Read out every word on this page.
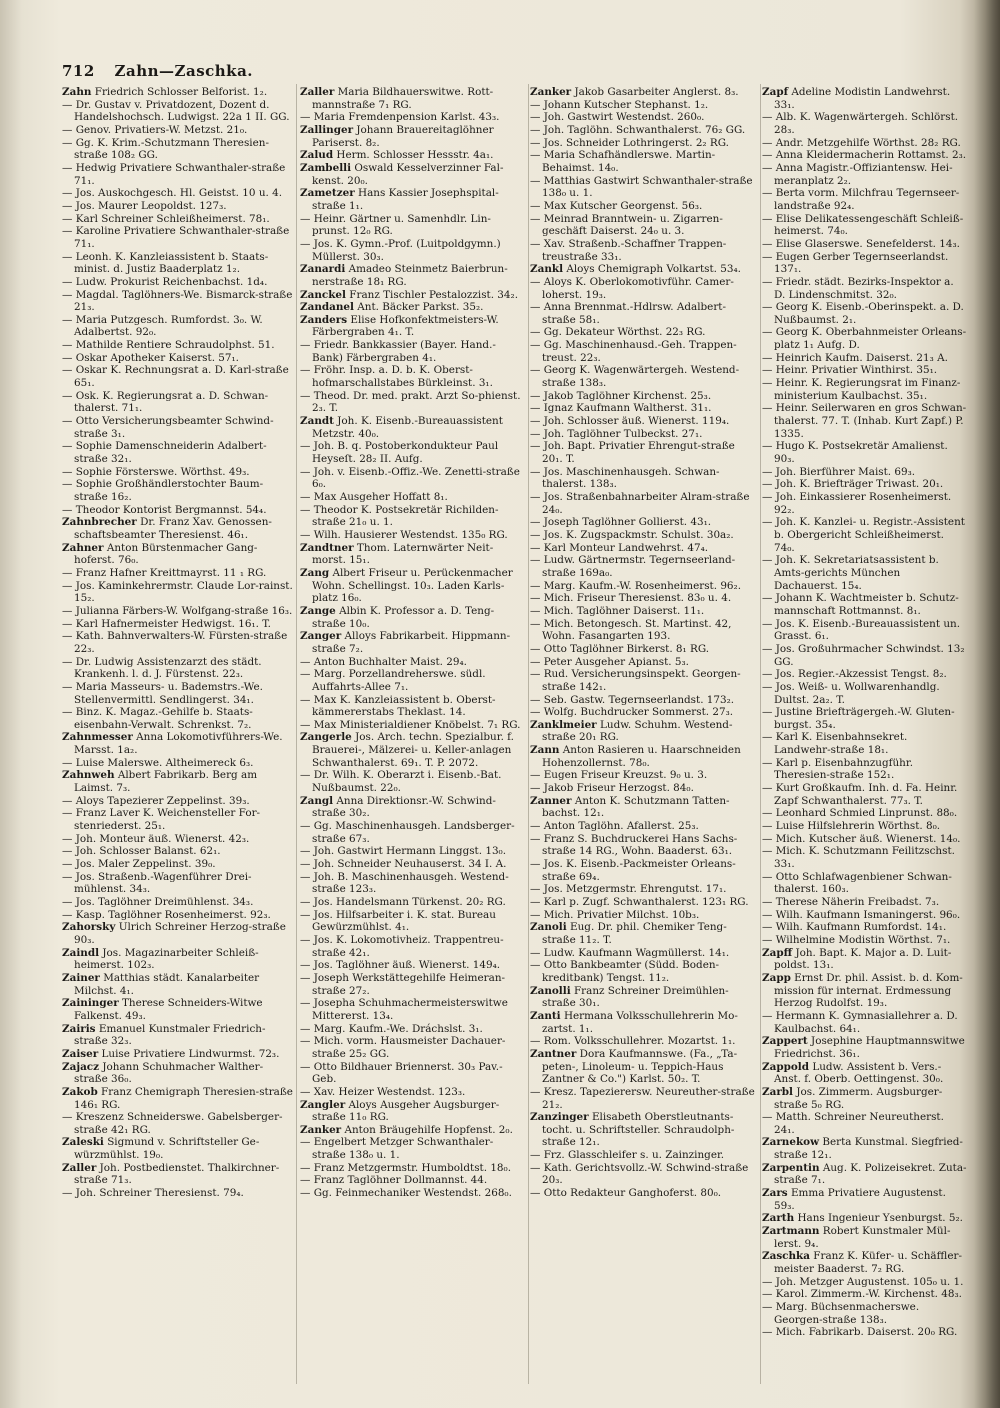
712 Zahn—Zaschka.
Zahn Friedrich Schlosser Belforist. 1₂.
— Dr. Gustav v. Privatdozent, Dozent d. Handelshochsch. Ludwigst. 22a 1 II. GG.
— Genov. Privatiers-W. Metzst. 21₀.
— Gg. K. Krim.-Schutzmann Theresien-straße 108₂ GG.
— Hedwig Privatiere Schwanthaler-straße 71₁.
— Jos. Auskochgesch. Hl. Geistst. 10 u. 4.
— Jos. Maurer Leopoldst. 127₃.
— Karl Schreiner Schleißheimerst. 78₁.
— Karoline Privatiere Schwanthaler-straße 71₁.
— Leonh. K. Kanzleiassistent b. Staats-minist. d. Justiz Baaderplatz 1₂.
— Ludw. Prokurist Reichenbachst. 1d₄.
— Magdal. Taglöhners-We. Bismarck-straße 21₃.
— Maria Putzgesch. Rumfordst. 3₀. W. Adalbertst. 92₀.
— Mathilde Rentiere Schraudolphst. 51.
— Oskar Apotheker Kaiserst. 57₁.
— Oskar K. Rechnungsrat a. D. Karl-straße 65₁.
— Osk. K. Regierungsrat a. D. Schwan-thalerst. 71₁.
— Otto Versicherungsbeamter Schwind-straße 3₁.
— Sophie Damenschneiderin Adalbert-straße 32₁.
— Sophie Försterswe. Wörthst. 49₃.
— Sophie Großhändlerstochter Baum-straße 16₂.
— Theodor Kontorist Bergmannst. 54₄.
Zahnbrecher Dr. Franz Xav. Genossen-schaftsbeamter Theresienst. 46₁.
Zahner Anton Bürstenmacher Gang-hoferst. 76₀.
— Franz Hafner Kreittmayrst. 11 ₁ RG.
— Jos. Kaminkehrermstr. Claude Lor-rainst. 15₂.
— Julianna Färbers-W. Wolfgang-straße 16₃.
— Karl Hafnermeister Hedwigst. 16₁. T.
— Kath. Bahnverwalters-W. Fürsten-straße 22₃.
— Dr. Ludwig Assistenzarzt des städt. Krankenh. l. d. J. Fürstenst. 22₃.
— Maria Masseurs- u. Bademstrs.-We. Stellenvermittl. Sendlingerst. 34₁.
— Binz. K. Magaz.-Gehilfe b. Staats-eisenbahn-Verwalt. Schrenkst. 7₂.
Zahnmesser Anna Lokomotivführers-We. Marsst. 1a₂.
— Luise Malerswe. Altheimereck 6₃.
Zahnweh Albert Fabrikarb. Berg am Laimst. 7₃.
— Aloys Tapezierer Zeppelinst. 39₃.
— Franz Laver K. Weichensteller For-stenriederst. 25₁.
— Joh. Monteur äuß. Wienerst. 42₃.
— Joh. Schlosser Balanst. 62₁.
— Jos. Maler Zeppelinst. 39₀.
— Jos. Straßenb.-Wagenführer Drei-mühlenst. 34₃.
— Jos. Taglöhner Dreimühlenst. 34₃.
— Kasp. Taglöhner Rosenheimerst. 92₃.
Zahorsky Ulrich Schreiner Herzog-straße 90₃.
Zaindl Jos. Magazinarbeiter Schleiß-heimerst. 102₃.
Zainer Matthias städt. Kanalarbeiter Milchst. 4₁.
Zaininger Therese Schneiders-Witwe Falkenst. 49₃.
Zairis Emanuel Kunstmaler Friedrich-straße 32₃.
Zaiser Luise Privatiere Lindwurmst. 72₃.
Zajacz Johann Schuhmacher Walther-straße 36₀.
Zakob Franz Chemigraph Theresien-straße 146₁ RG.
— Kreszenz Schneiderswe. Gabelsberger-straße 42₁ RG.
Zaleski Sigmund v. Schriftsteller Ge-würzmühlst. 19₀.
Zaller Joh. Postbedienstet. Thalkirchner-straße 71₃.
— Joh. Schreiner Theresienst. 79₄.
Zaller Maria Bildhauerswitwe. Rott-mannstraße 7₁ RG.
— Maria Fremdenpension Karlst. 43₃.
Zallinger Johann Brauereitaglöhner Pariserst. 8₂.
Zalud Herm. Schlosser Hessstr. 4a₁.
Zambelli Oswald Kesselverzinner Fal-kenst. 20₀.
Zametzer Hans Kassier Josephspital-straße 1₁.
— Heinr. Gärtner u. Samenhdlr. Lin-prunst. 12₀ RG.
— Jos. K. Gymn.-Prof. (Luitpoldgymn.) Müllerst. 30₃.
Zanardi Amadeo Steinmetz Baierbrun-nerstraße 18₁ RG.
Zanckel Franz Tischler Pestalozzist. 34₂.
Zandanel Ant. Bäcker Parkst. 35₂.
Zanders Elise Hofkonfektmeisters-W. Färbergraben 4₁. T.
— Friedr. Bankkassier (Bayer. Hand.-Bank) Färbergraben 4₁.
— Fröhr. Insp. a. D. b. K. Oberst-hofmarschallstabes Bürkleinst. 3₁.
— Theod. Dr. med. prakt. Arzt So-phienst. 2₃. T.
Zandt Joh. K. Eisenb.-Bureauassistent Metzstr. 40₀.
— Joh. B. q. Postoberkondukteur Paul Heyseſt. 28₂ II. Aufg.
— Joh. v. Eisenb.-Offiz.-We. Zenetti-straße 6₀.
— Max Ausgeher Hoffatt 8₁.
— Theodor K. Postsekretär Richilden-straße 21₀ u. 1.
— Wilh. Hausierer Westendst. 135₀ RG.
Zandtner Thom. Laternwärter Neit-morst. 15₁.
Zang Albert Friseur u. Perückenmacher Wohn. Schellingst. 10₃. Laden Karls-platz 16₀.
Zange Albin K. Professor a. D. Teng-straße 10₀.
Zanger Alloys Fabrikarbeit. Hippmann-straße 7₂.
— Anton Buchhalter Maist. 29₄.
— Marg. Porzellandreherswe. südl. Auffahrts-Allee 7₁.
— Max K. Kanzleiassistent b. Oberst-kämmererstabs Theklast. 14.
— Max Ministerialdiener Knöbelst. 7₁ RG.
Zangerle Jos. Arch. techn. Spezialbur. f. Brauerei-, Mälzerei- u. Keller-anlagen Schwanthalerst. 69₁. T. P. 2072.
— Dr. Wilh. K. Oberarzt i. Eisenb.-Bat. Nußbaumst. 22₀.
Zangl Anna Direktionsr.-W. Schwind-straße 30₂.
— Gg. Maschinenhausgeh. Landsberger-straße 67₃.
— Joh. Gastwirt Hermann Linggst. 13₀.
— Joh. Schneider Neuhauserst. 34 I. A.
— Joh. B. Maschinenhausgeh. Westend-straße 123₃.
— Jos. Handelsmann Türkenst. 20₂ RG.
— Jos. Hilfsarbeiter i. K. stat. Bureau Gewürzmühlst. 4₁.
— Jos. K. Lokomotivheiz. Trappentreu-straße 42₁.
— Jos. Taglöhner äuß. Wienerst. 149₄.
— Joseph Werkstättegehilfe Heimeran-straße 27₂.
— Josepha Schuhmachermeisterswitwe Mittererst. 13₄.
— Marg. Kaufm.-We. Dráchslst. 3₁.
— Mich. vorm. Hausmeister Dachauer-straße 25₂ GG.
— Otto Bildhauer Briennerst. 30₃ Pav.-Geb.
— Xav. Heizer Westendst. 123₃.
Zangler Aloys Ausgeher Augsburger-straße 11₀ RG.
Zanker Anton Bräugehilfe Hopfenst. 2₀.
— Engelbert Metzger Schwanthaler-straße 138₀ u. 1.
— Franz Metzgermstr. Humboldtst. 18₀.
— Franz Taglöhner Dollmannst. 44.
— Gg. Feinmechaniker Westendst. 268₀.
Zanker Jakob Gasarbeiter Anglerst. 8₃.
— Johann Kutscher Stephanst. 1₂.
— Joh. Gastwirt Westendst. 260₀.
— Joh. Taglöhn. Schwanthalerst. 76₂ GG.
— Jos. Schneider Lothringerst. 2₂ RG.
— Maria Schafhändlerswe. Martin-Behaimst. 14₀.
— Matthias Gastwirt Schwanthaler-straße 138₀ u. 1.
— Max Kutscher Georgenst. 56₃.
— Meinrad Branntwein- u. Zigarren-geschäft Daiserst. 24₀ u. 3.
— Xav. Straßenb.-Schaffner Trappen-treustraße 33₁.
Zankl Aloys Chemigraph Volkartst. 53₄.
— Aloys K. Oberlokomotivführ. Camer-loherst. 19₃.
— Anna Brennmat.-Hdlrsw. Adalbert-straße 58₁.
— Gg. Dekateur Wörthst. 22₃ RG.
— Gg. Maschinenhausd.-Geh. Trappen-treust. 22₃.
— Georg K. Wagenwärtergeh. Westend-straße 138₃.
— Jakob Taglöhner Kirchenst. 25₃.
— Ignaz Kaufmann Waltherst. 31₁.
— Joh. Schlosser äuß. Wienerst. 119₄.
— Joh. Taglöhner Tulbeckst. 27₁.
— Joh. Bapt. Privatier Ehrengut-straße 20₁. T.
— Jos. Maschinenhausgeh. Schwan-thalerst. 138₃.
— Jos. Straßenbahnarbeiter Alram-straße 24₀.
— Joseph Taglöhner Gollierst. 43₁.
— Jos. K. Zugspackmstr. Schulst. 30a₂.
— Karl Monteur Landwehrst. 47₄.
— Ludw. Gärtnermstr. Tegernseerland-straße 169a₀.
— Marg. Kaufm.-W. Rosenheimerst. 96₂.
— Mich. Friseur Theresienst. 83₀ u. 4.
— Mich. Taglöhner Daiserst. 11₁.
— Mich. Betongesch. St. Martinst. 42, Wohn. Fasangarten 193.
— Otto Taglöhner Birkerst. 8₁ RG.
— Peter Ausgeher Apianst. 5₃.
— Rud. Versicherungsinspekt. Georgen-straße 142₁.
— Seb. Gastw. Tegernseerlandst. 173₂.
— Wolfg. Buchdrucker Sommerst. 27₃.
Zanklmeier Ludw. Schuhm. Westend-straße 20₁ RG.
Zann Anton Rasieren u. Haarschneiden Hohenzollernst. 78₀.
— Eugen Friseur Kreuzst. 9₀ u. 3.
— Jakob Friseur Herzogst. 84₀.
Zanner Anton K. Schutzmann Tatten-bachst. 12₁.
— Anton Taglöhn. Afallerst. 25₃.
— Franz S. Buchdruckerei Hans Sachs-straße 14 RG., Wohn. Baaderst. 63₁.
— Jos. K. Eisenb.-Packmeister Orleans-straße 69₄.
— Jos. Metzgermstr. Ehrengutst. 17₁.
— Karl p. Zugf. Schwanthalerst. 123₁ RG.
— Mich. Privatier Milchst. 10b₃.
Zanoli Eug. Dr. phil. Chemiker Teng-straße 11₂. T.
— Ludw. Kaufmann Wagmüllerst. 14₁.
— Otto Bankbeamter (Südd. Boden-kreditbank) Tengst. 11₂.
Zanolli Franz Schreiner Dreimühlen-straße 30₁.
Zanti Hermana Volksschullehrerin Mo-zartst. 1₁.
— Rom. Volksschullehrer. Mozartst. 1₁.
Zantner Dora Kaufmannswe. (Fa., „Ta-peten-, Linoleum- u. Teppich-Haus Zantner & Co.") Karlst. 50₂. T.
— Kresz. Tapezierersw. Neureuther-straße 21₂.
Zanzinger Elisabeth Oberstleutnants-tocht. u. Schriftsteller. Schraudolph-straße 12₁.
— Frz. Glasschleifer s. u. Zainzinger.
— Kath. Gerichtsvollz.-W. Schwind-straße 20₃.
— Otto Redakteur Ganghoferst. 80₀.
Zapf Adeline Modistin Landwehrst. 33₁.
— Alb. K. Wagenwärtergeh. Schlörst. 28₃.
— Andr. Metzgehilfe Wörthst. 28₂ RG.
— Anna Kleidermacherin Rottamst. 2₃.
— Anna Magistr.-Offiziantensw. Hei-meranplatz 2₂.
— Berta vorm. Milchfrau Tegernseer-landstraße 92₄.
— Elise Delikatessengeschäft Schleiß-heimerst. 74₀.
— Elise Glaserswe. Senefelderst. 14₃.
— Eugen Gerber Tegernseerlandst. 137₁.
— Friedr. städt. Bezirks-Inspektor a. D. Lindenschmitst. 32₀.
— Georg K. Eisenb.-Oberinspekt. a. D. Nußbaumst. 2₁.
— Georg K. Oberbahnmeister Orleans-platz 1₁ Aufg. D.
— Heinrich Kaufm. Daiserst. 21₃ A.
— Heinr. Privatier Winthirst. 35₁.
— Heinr. K. Regierungsrat im Finanz-ministerium Kaulbachst. 35₁.
— Heinr. Seilerwaren en gros Schwan-thalerst. 77. T. (Inhab. Kurt Zapf.) P. 1335.
— Hugo K. Postsekretär Amalienst. 90₃.
— Joh. Bierführer Maist. 69₃.
— Joh. K. Briefträger Triwast. 20₁.
— Joh. Einkassierer Rosenheimerst. 92₂.
— Joh. K. Kanzlei- u. Registr.-Assistent b. Obergericht Schleißheimerst. 74₀.
— Joh. K. Sekretariatsassistent b. Amts-gerichts München Dachauerst. 15₄.
— Johann K. Wachtmeister b. Schutz-mannschaft Rottmannst. 8₁.
— Jos. K. Eisenb.-Bureauassistent un. Grasst. 6₁.
— Jos. Großuhrmacher Schwindst. 13₂ GG.
— Jos. Regier.-Akzessist Tengst. 8₂.
— Jos. Weiß- u. Wollwarenhandlg. Dultst. 2a₂. T.
— Justine Briefträgergeh.-W. Gluten-burgst. 35₄.
— Karl K. Eisenbahnsekret. Landwehr-straße 18₁.
— Karl p. Eisenbahnzugführ. Theresien-straße 152₁.
— Kurt Großkaufm. Inh. d. Fa. Heinr. Zapf Schwanthalerst. 77₃. T.
— Leonhard Schmied Linprunst. 88₀.
— Luise Hilfslehrerin Wörthst. 8₀.
— Mich. Kutscher äuß. Wienerst. 14₀.
— Mich. K. Schutzmann Feilitzschst. 33₁.
— Otto Schlafwagenbiener Schwan-thalerst. 160₃.
— Therese Näherin Freibadst. 7₃.
— Wilh. Kaufmann Ismaningerst. 96₀.
— Wilh. Kaufmann Rumfordst. 14₁.
— Wilhelmine Modistin Wörthst. 7₁.
Zapff Joh. Bapt. K. Major a. D. Luit-poldst. 13₁.
Zapp Ernst Dr. phil. Assist. b. d. Kom-mission für internat. Erdmessung Herzog Rudolfst. 19₃.
— Hermann K. Gymnasiallehrer a. D. Kaulbachst. 64₁.
Zappert Josephine Hauptmannswitwe Friedrichst. 36₁.
Zappold Ludw. Assistent b. Vers.-Anst. f. Oberb. Oettingenst. 30₀.
Zarbl Jos. Zimmerm. Augsburger-straße 5₀ RG.
— Matth. Schreiner Neureutherst. 24₁.
Zarnekow Berta Kunstmal. Siegfried-straße 12₁.
Zarpentin Aug. K. Polizeisekret. Zuta-straße 7₁.
Zars Emma Privatiere Augustenst. 59₃.
Zarth Hans Ingenieur Ysenburgst. 5₂.
Zartmann Robert Kunstmaler Mül-lerst. 9₄.
Zaschka Franz K. Küfer- u. Schäffler-meister Baaderst. 7₂ RG.
— Joh. Metzger Augustenst. 105₀ u. 1.
— Karol. Zimmerm.-W. Kirchenst. 48₃.
— Marg. Büchsenmacherswe. Georgen-straße 138₃.
— Mich. Fabrikarb. Daiserst. 20₀ RG.
